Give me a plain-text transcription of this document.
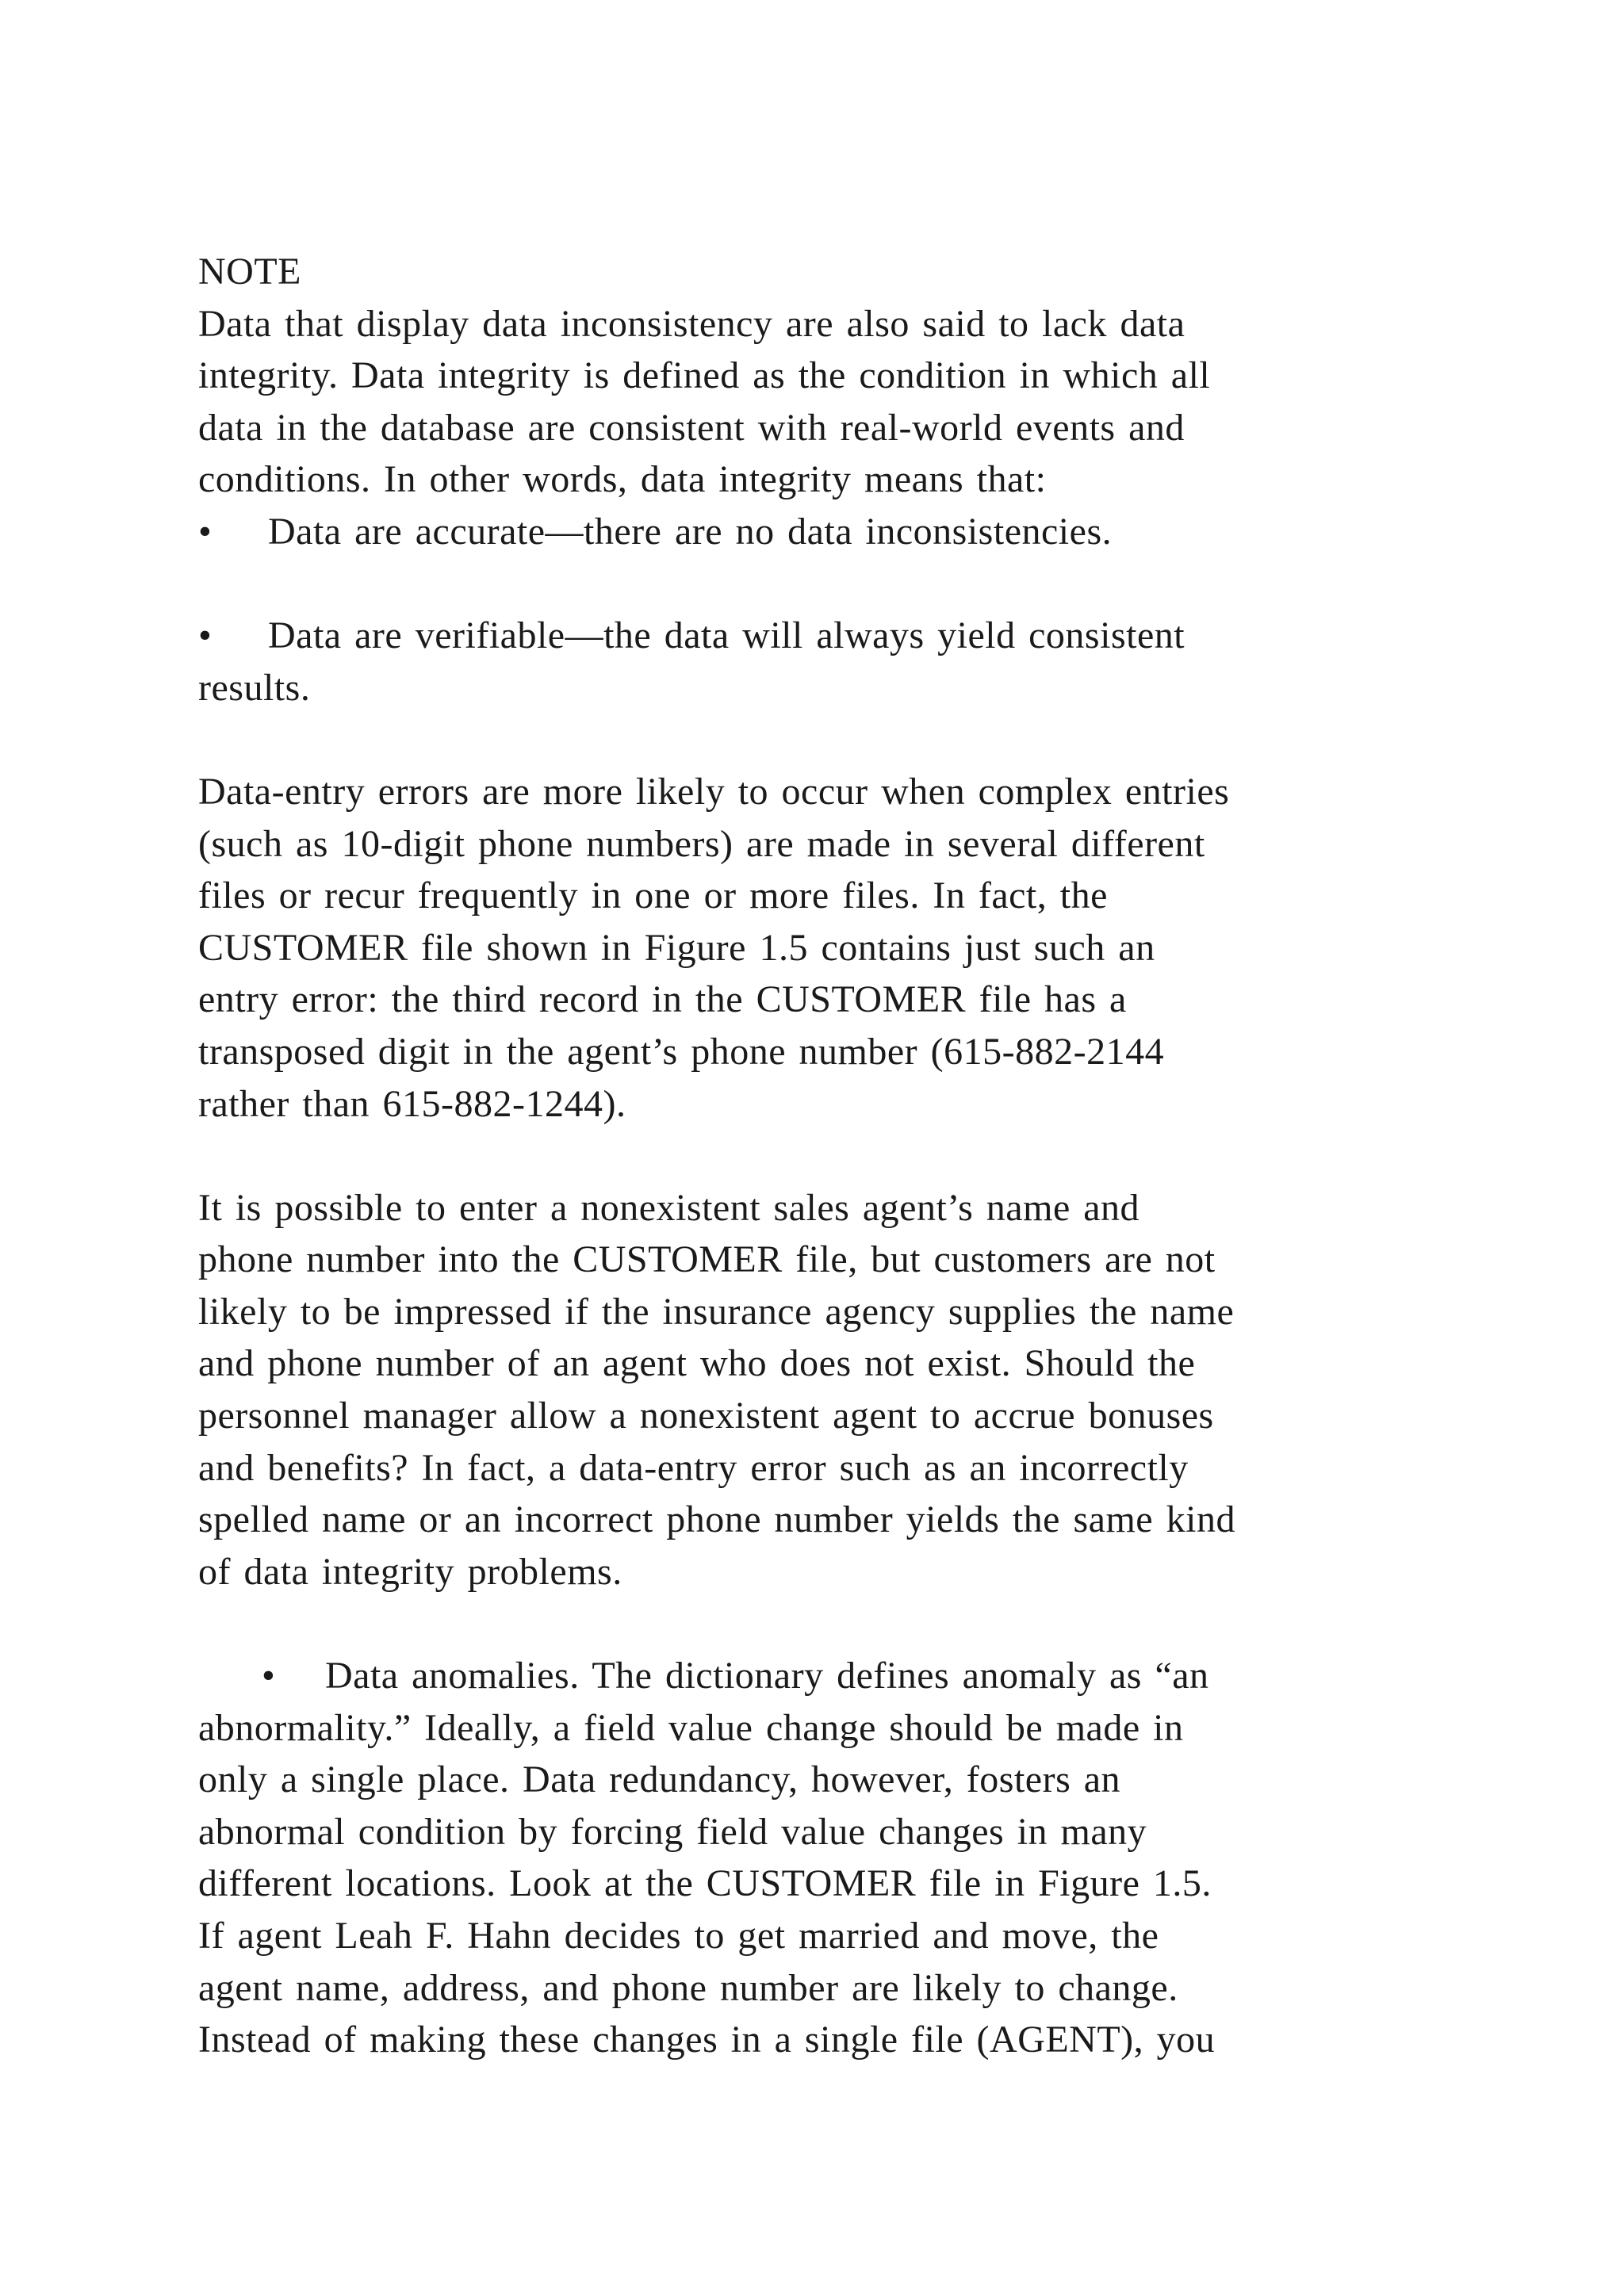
NOTE
Data that display data inconsistency are also said to lack data
integrity. Data integrity is defined as the condition in which all
data in the database are consistent with real-world events and
conditions. In other words, data integrity means that:
• Data are accurate—there are no data inconsistencies.
• Data are verifiable—the data will always yield consistent
results.
Data-entry errors are more likely to occur when complex entries
(such as 10-digit phone numbers) are made in several different
files or recur frequently in one or more files. In fact, the
CUSTOMER file shown in Figure 1.5 contains just such an
entry error: the third record in the CUSTOMER file has a
transposed digit in the agent’s phone number (615-882-2144
rather than 615-882-1244).
It is possible to enter a nonexistent sales agent’s name and
phone number into the CUSTOMER file, but customers are not
likely to be impressed if the insurance agency supplies the name
and phone number of an agent who does not exist. Should the
personnel manager allow a nonexistent agent to accrue bonuses
and benefits? In fact, a data-entry error such as an incorrectly
spelled name or an incorrect phone number yields the same kind
of data integrity problems.
• Data anomalies. The dictionary defines anomaly as “an
abnormality.” Ideally, a field value change should be made in
only a single place. Data redundancy, however, fosters an
abnormal condition by forcing field value changes in many
different locations. Look at the CUSTOMER file in Figure 1.5.
If agent Leah F. Hahn decides to get married and move, the
agent name, address, and phone number are likely to change.
Instead of making these changes in a single file (AGENT), you
